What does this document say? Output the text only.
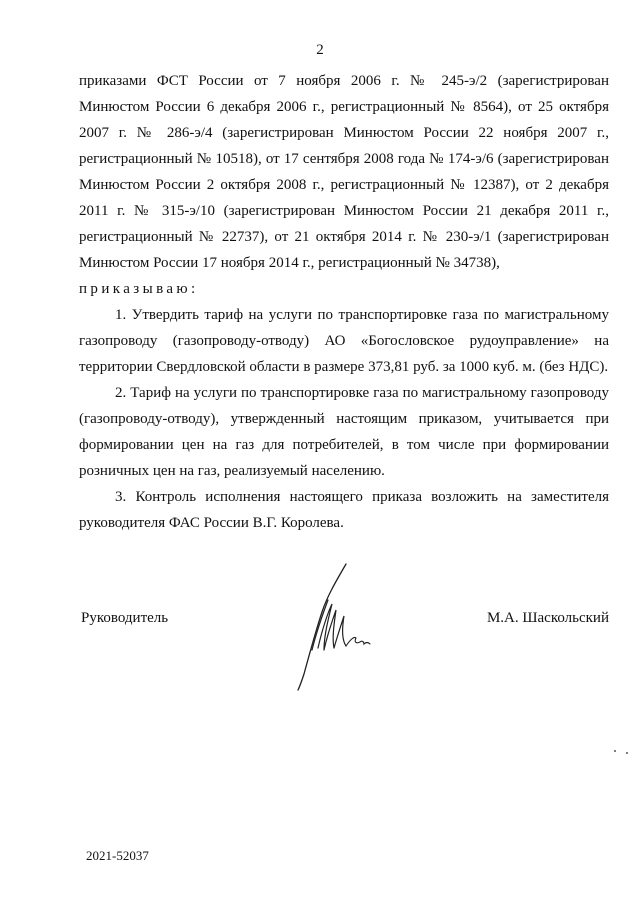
2

приказами ФСТ России от 7 ноября 2006 г. № 245-э/2 (зарегистрирован Минюстом России 6 декабря 2006 г., регистрационный № 8564), от 25 октября 2007 г. № 286-э/4 (зарегистрирован Минюстом России 22 ноября 2007 г., регистрационный № 10518), от 17 сентября 2008 года № 174-э/6 (зарегистрирован Минюстом России 2 октября 2008 г., регистрационный № 12387), от 2 декабря 2011 г. № 315-э/10 (зарегистрирован Минюстом России 21 декабря 2011 г., регистрационный № 22737), от 21 октября 2014 г. № 230-э/1 (зарегистрирован Минюстом России 17 ноября 2014 г., регистрационный № 34738),

приказываю:

1. Утвердить тариф на услуги по транспортировке газа по магистральному газопроводу (газопроводу-отводу) АО «Богословское рудоуправление» на территории Свердловской области в размере 373,81 руб. за 1000 куб. м. (без НДС).

2. Тариф на услуги по транспортировке газа по магистральному газопроводу (газопроводу-отводу), утвержденный настоящим приказом, учитывается при формировании цен на газ для потребителей, в том числе при формировании розничных цен на газ, реализуемый населению.

3. Контроль исполнения настоящего приказа возложить на заместителя руководителя ФАС России В.Г. Королева.

Руководитель	М.А. Шаскольский
2021-52037
